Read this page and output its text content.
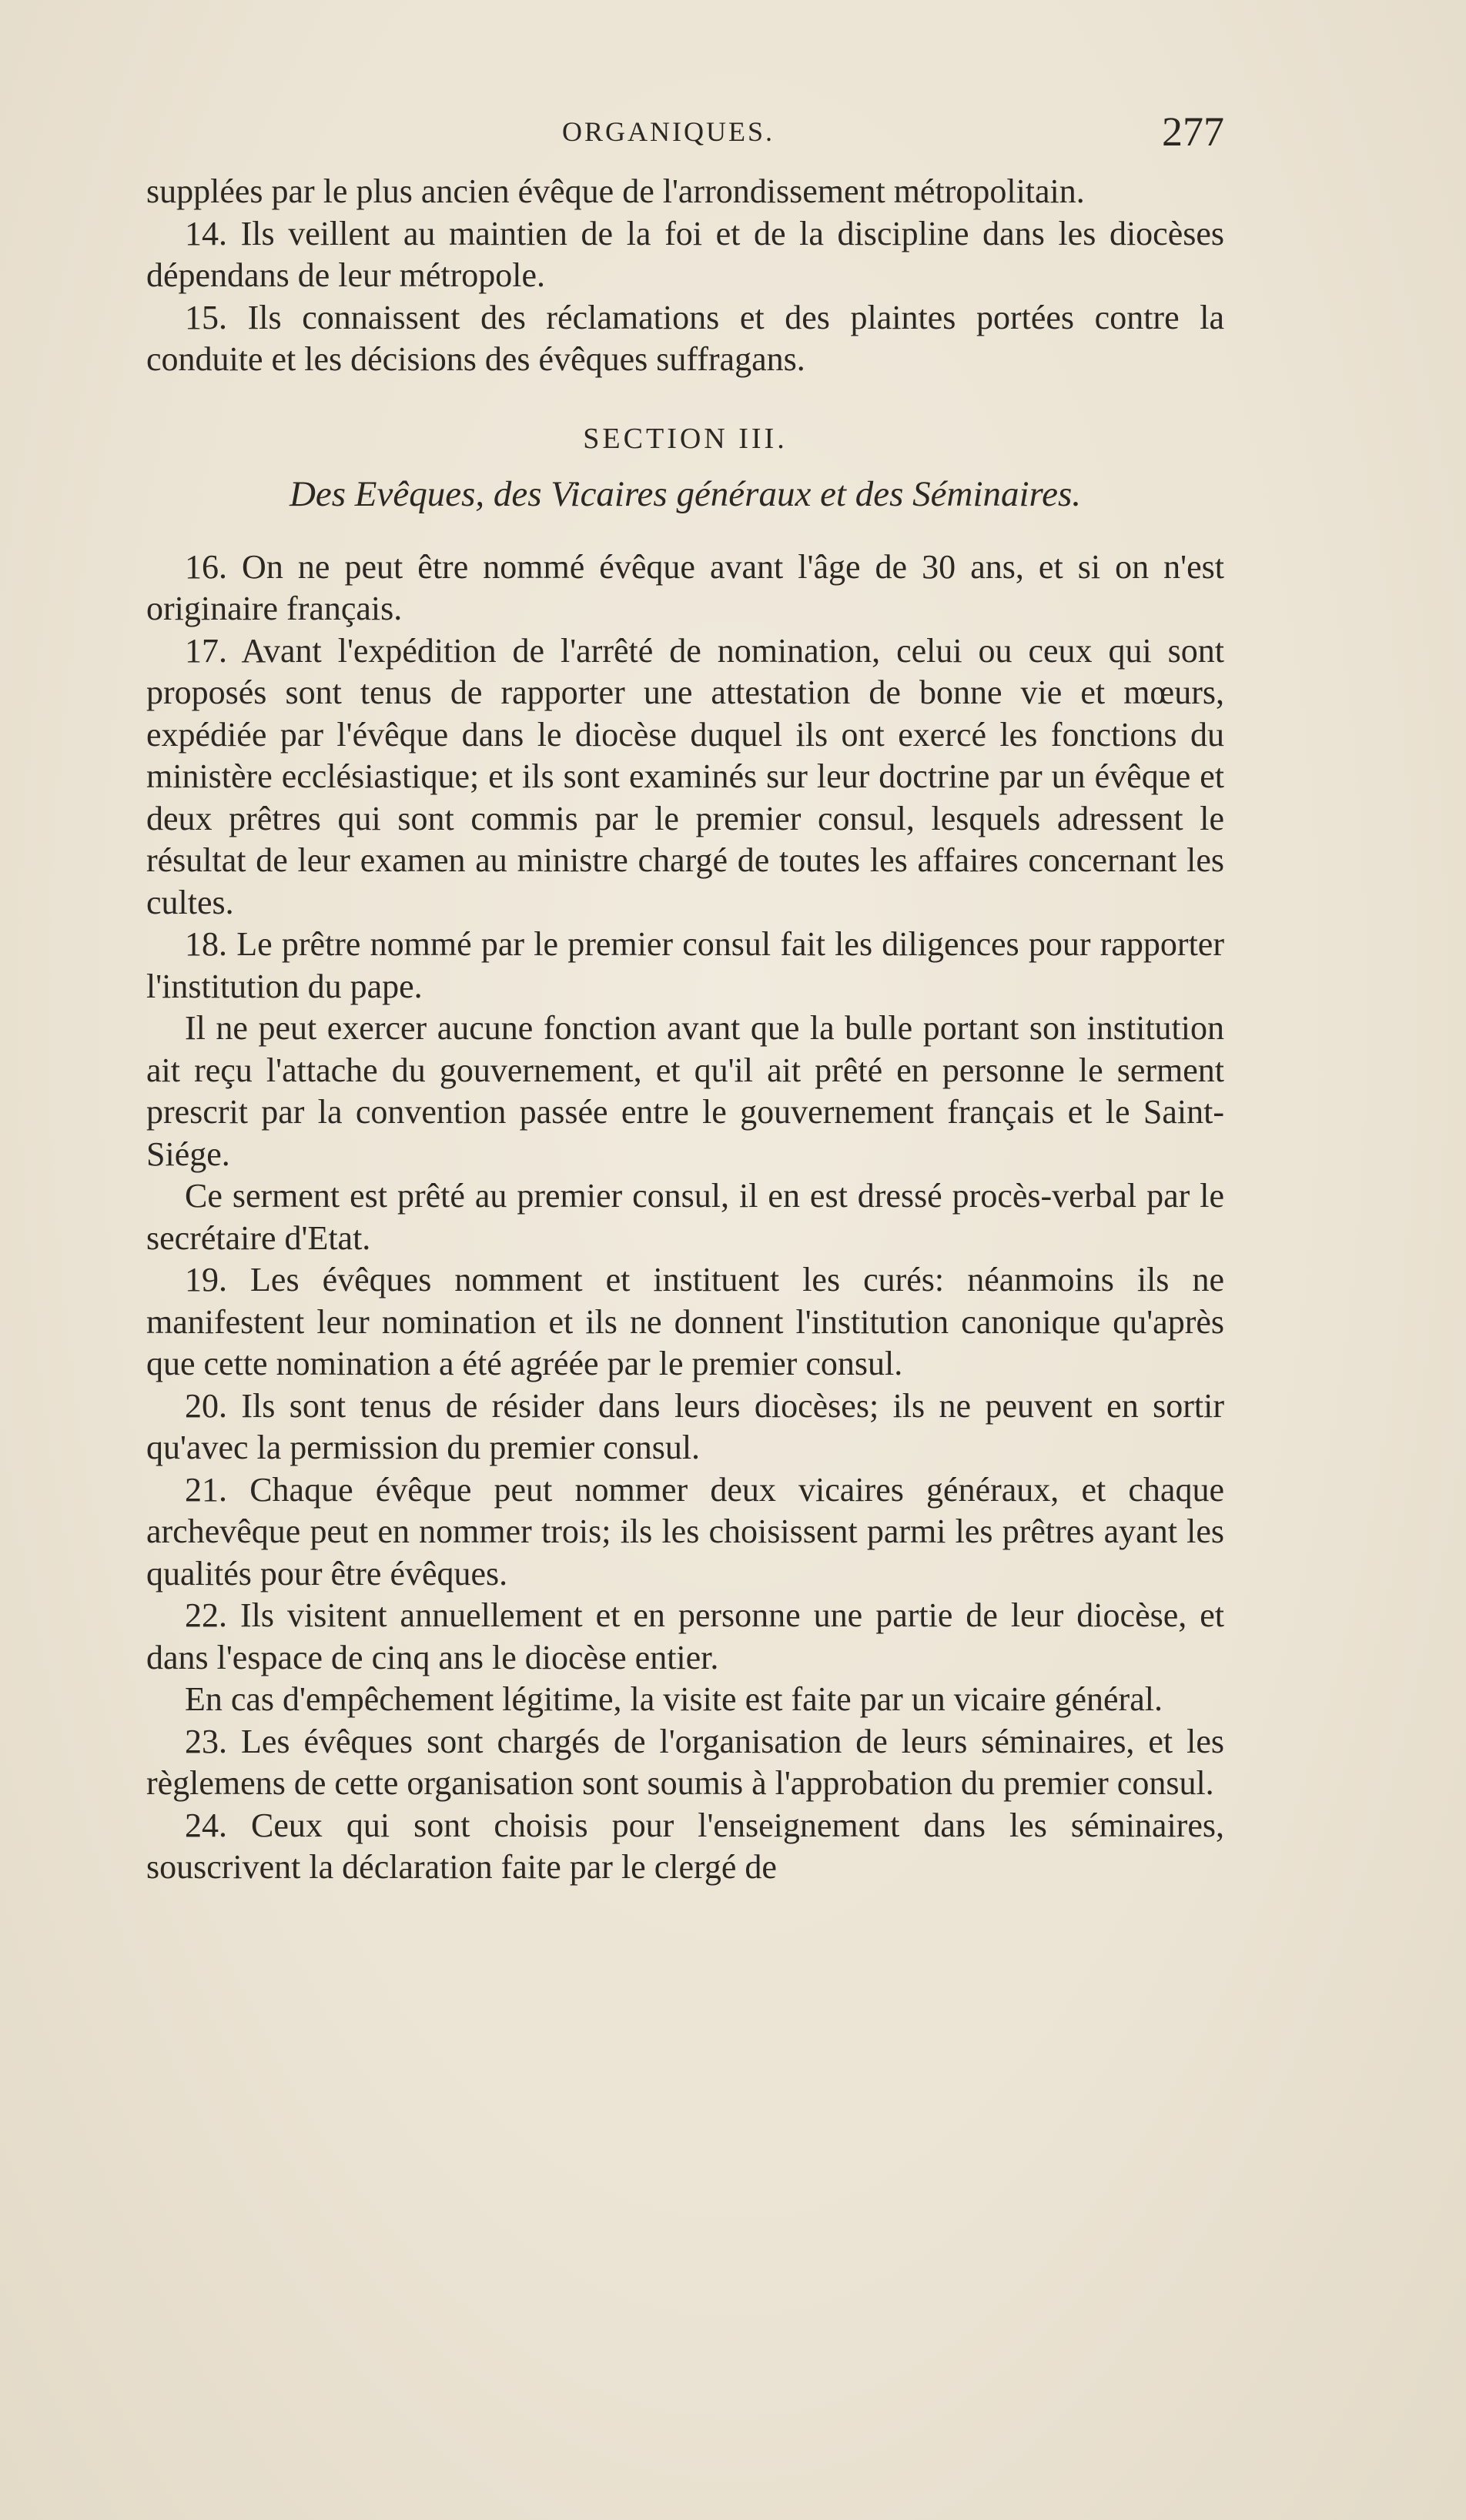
ORGANIQUES.	277

supplées par le plus ancien évêque de l'arrondissement métropolitain.

14. Ils veillent au maintien de la foi et de la discipline dans les diocèses dépendans de leur métropole.

15. Ils connaissent des réclamations et des plaintes portées contre la conduite et les décisions des évêques suffragans.

SECTION III.
Des Evêques, des Vicaires généraux et des Séminaires.

16. On ne peut être nommé évêque avant l'âge de 30 ans, et si on n'est originaire français.

17. Avant l'expédition de l'arrêté de nomination, celui ou ceux qui sont proposés sont tenus de rapporter une attestation de bonne vie et mœurs, expédiée par l'évêque dans le diocèse duquel ils ont exercé les fonctions du ministère ecclésiastique; et ils sont examinés sur leur doctrine par un évêque et deux prêtres qui sont commis par le premier consul, lesquels adressent le résultat de leur examen au ministre chargé de toutes les affaires concernant les cultes.

18. Le prêtre nommé par le premier consul fait les diligences pour rapporter l'institution du pape.

Il ne peut exercer aucune fonction avant que la bulle portant son institution ait reçu l'attache du gouvernement, et qu'il ait prêté en personne le serment prescrit par la convention passée entre le gouvernement français et le Saint-Siége.

Ce serment est prêté au premier consul, il en est dressé procès-verbal par le secrétaire d'Etat.

19. Les évêques nomment et instituent les curés: néanmoins ils ne manifestent leur nomination et ils ne donnent l'institution canonique qu'après que cette nomination a été agréée par le premier consul.

20. Ils sont tenus de résider dans leurs diocèses; ils ne peuvent en sortir qu'avec la permission du premier consul.

21. Chaque évêque peut nommer deux vicaires généraux, et chaque archevêque peut en nommer trois; ils les choisissent parmi les prêtres ayant les qualités pour être évêques.

22. Ils visitent annuellement et en personne une partie de leur diocèse, et dans l'espace de cinq ans le diocèse entier.

En cas d'empêchement légitime, la visite est faite par un vicaire général.

23. Les évêques sont chargés de l'organisation de leurs séminaires, et les règlemens de cette organisation sont soumis à l'approbation du premier consul.

24. Ceux qui sont choisis pour l'enseignement dans les séminaires, souscrivent la déclaration faite par le clergé de
